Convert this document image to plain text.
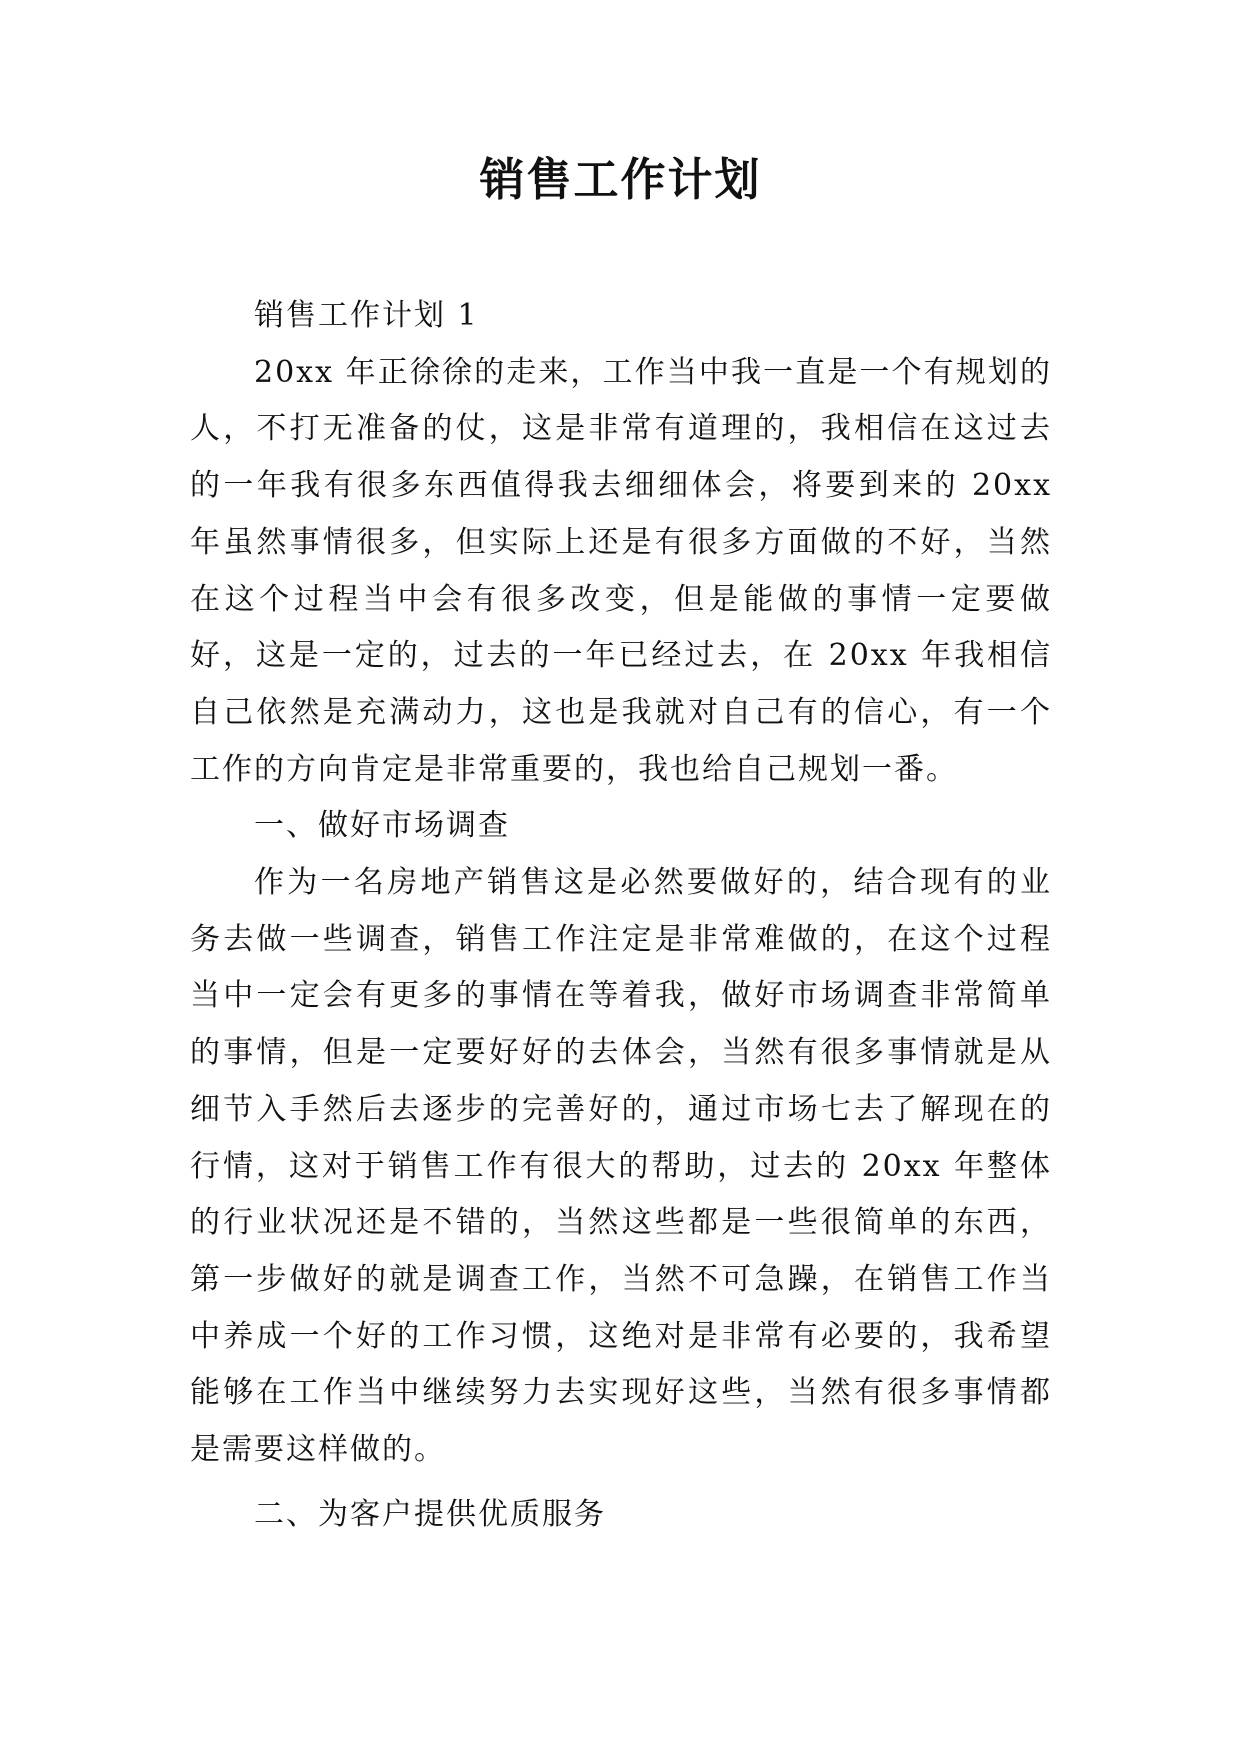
销售工作计划

销售工作计划 1

20xx 年正徐徐的走来，工作当中我一直是一个有规划的人，不打无准备的仗，这是非常有道理的，我相信在这过去的一年我有很多东西值得我去细细体会，将要到来的 20xx 年虽然事情很多，但实际上还是有很多方面做的不好，当然在这个过程当中会有很多改变，但是能做的事情一定要做好，这是一定的，过去的一年已经过去，在 20xx 年我相信自己依然是充满动力，这也是我就对自己有的信心，有一个工作的方向肯定是非常重要的，我也给自己规划一番。

一、做好市场调查

作为一名房地产销售这是必然要做好的，结合现有的业务去做一些调查，销售工作注定是非常难做的，在这个过程当中一定会有更多的事情在等着我，做好市场调查非常简单的事情，但是一定要好好的去体会，当然有很多事情就是从细节入手然后去逐步的完善好的，通过市场七去了解现在的行情，这对于销售工作有很大的帮助，过去的 20xx 年整体的行业状况还是不错的，当然这些都是一些很简单的东西，第一步做好的就是调查工作，当然不可急躁，在销售工作当中养成一个好的工作习惯，这绝对是非常有必要的，我希望能够在工作当中继续努力去实现好这些，当然有很多事情都是需要这样做的。

二、为客户提供优质服务
